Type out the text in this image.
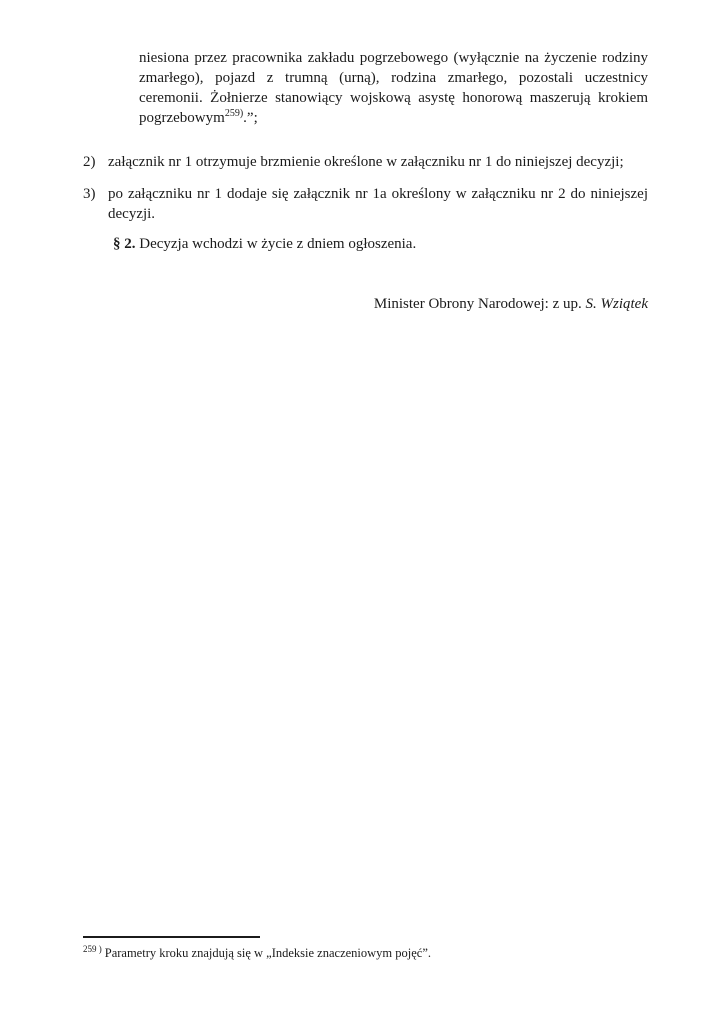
niesiona przez pracownika zakładu pogrzebowego (wyłącznie na życzenie rodziny zmarłego), pojazd z trumną (urną), rodzina zmarłego, pozostali uczestnicy ceremonii. Żołnierze stanowiący wojskową asystę honorową maszerują krokiem pogrzebowym$^{259)}$.”;

2) załącznik nr 1 otrzymuje brzmienie określone w załączniku nr 1 do niniejszej decyzji;
3) po załączniku nr 1 dodaje się załącznik nr 1a określony w załączniku nr 2 do niniejszej decyzji.

§ 2. Decyzja wchodzi w życie z dniem ogłoszenia.

Minister Obrony Narodowej: z up. S. Wziątek

$^{259 )}$ Parametry kroku znajdują się w „Indeksie znaczeniowym pojęć”.
